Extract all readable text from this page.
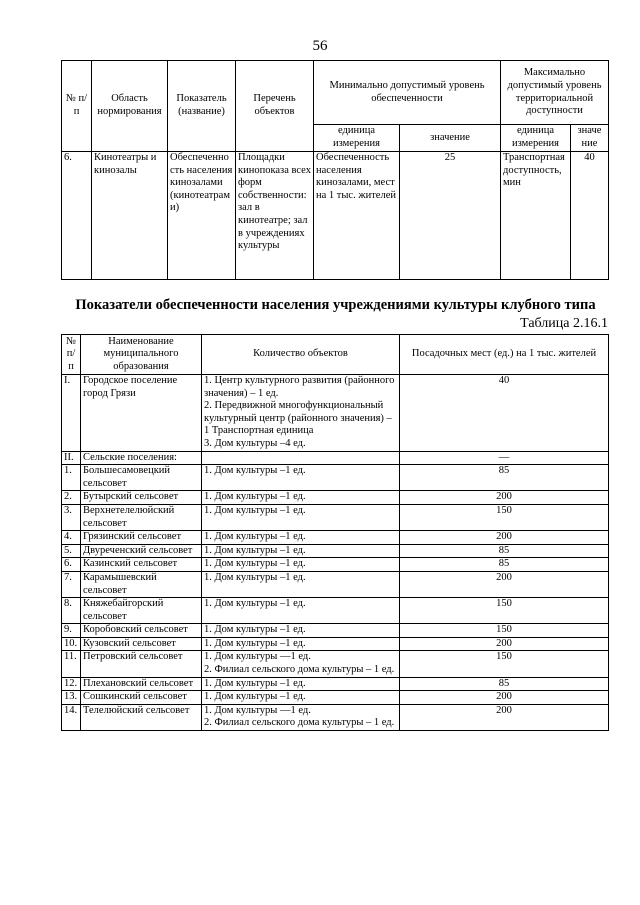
56
№ п/п	Область нормирования	Показатель (название)	Перечень объектов	Минимально допустимый уровень обеспеченности		Максимально допустимый уровень территориальной доступности	
				единица измерения	значение	единица измерения	значе ние
6.	Кинотеатры и кинозалы	Обеспеченность населения кинозалами (кинотеатрами)	Площадки кинопоказа всех форм собственности: зал в кинотеатре; зал в учреждениях культуры	Обеспеченность населения кинозалами, мест на 1 тыс. жителей	25	Транспортная доступность, мин	40
Показатели обеспеченности населения учреждениями культуры клубного типа
Таблица 2.16.1
№ п/п	Наименование муниципального образования	Количество объектов	Посадочных мест (ед.) на 1 тыс. жителей
I.	Городское поселение город Грязи	1. Центр культурного развития (районного значения) – 1 ед.
2. Передвижной многофункциональный культурный центр (районного значения) – 1 Транспортная единица
3. Дом культуры –4 ед.	40
II.	Сельские поселения:		—
1.	Большесамовецкий сельсовет	1. Дом культуры –1 ед.	85
2.	Бутырский сельсовет	1. Дом культуры –1 ед.	200
3.	Верхнетелелюйский сельсовет	1. Дом культуры –1 ед.	150
4.	Грязинский сельсовет	1. Дом культуры –1 ед.	200
5.	Двуреченский сельсовет	1. Дом культуры –1 ед.	85
6.	Казинский сельсовет	1. Дом культуры –1 ед.	85
7.	Карамышевский сельсовет	1. Дом культуры –1 ед.	200
8.	Княжебайгорский сельсовет	1. Дом культуры –1 ед.	150
9.	Коробовский сельсовет	1. Дом культуры –1 ед.	150
10.	Кузовский сельсовет	1. Дом культуры –1 ед.	200
11.	Петровский сельсовет	1. Дом культуры —1 ед.
2. Филиал сельского дома культуры – 1 ед.	150
12.	Плехановский сельсовет	1. Дом культуры –1 ед.	85
13.	Сошкинский сельсовет	1. Дом культуры –1 ед.	200
14.	Телелюйский сельсовет	1. Дом культуры —1 ед.
2. Филиал сельского дома культуры – 1 ед.	200
